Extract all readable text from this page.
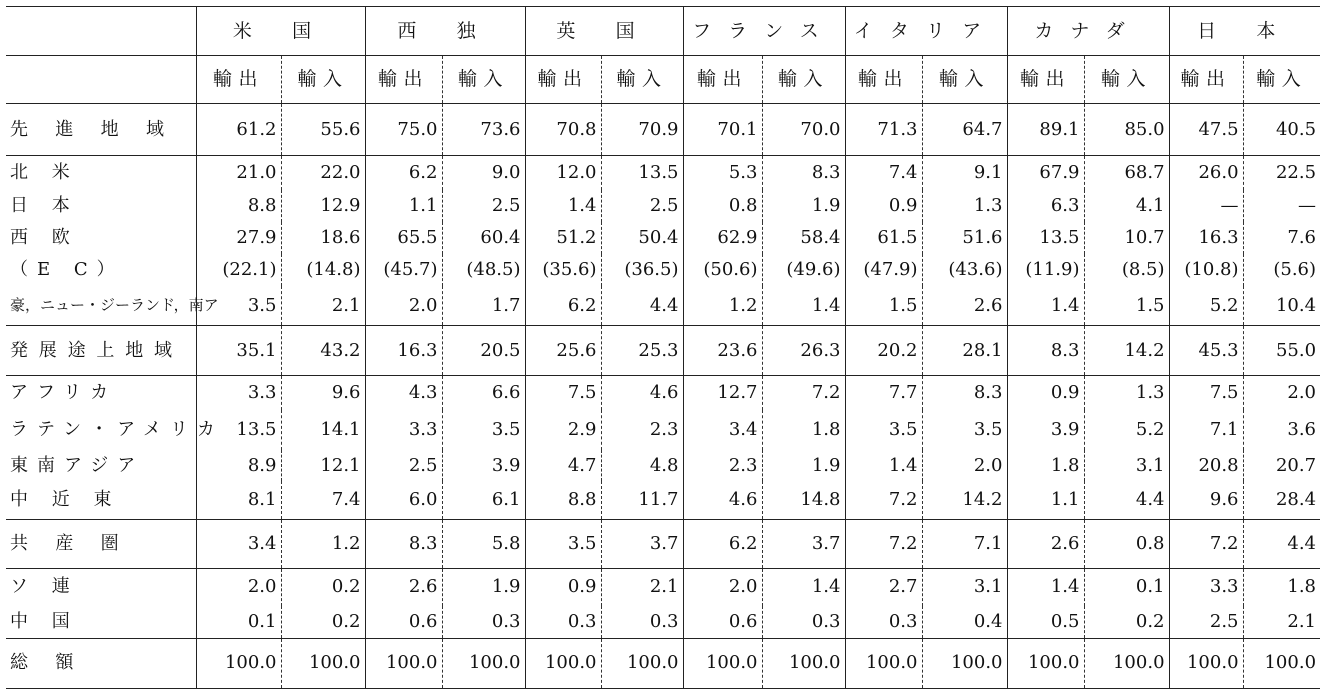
	米 国		西 独		英 国		フランス		イタリア		カナダ		日 本	
	輸出	輸入	輸出	輸入	輸出	輸入	輸出	輸入	輸出	輸入	輸出	輸入	輸出	輸入
先 進 地 域	61.2	55.6	75.0	73.6	70.8	70.9	70.1	70.0	71.3	64.7	89.1	85.0	47.5	40.5
北 米	21.0	22.0	6.2	9.0	12.0	13.5	5.3	8.3	7.4	9.1	67.9	68.7	26.0	22.5
日 本	8.8	12.9	1.1	2.5	1.4	2.5	0.8	1.9	0.9	1.3	6.3	4.1	—	—
西 欧	27.9	18.6	65.5	60.4	51.2	50.4	62.9	58.4	61.5	51.6	13.5	10.7	16.3	7.6
（E C）	(22.1)	(14.8)	(45.7)	(48.5)	(35.6)	(36.5)	(50.6)	(49.6)	(47.9)	(43.6)	(11.9)	(8.5)	(10.8)	(5.6)
豪，ニュー・ジーランド，南ア	3.5	2.1	2.0	1.7	6.2	4.4	1.2	1.4	1.5	2.6	1.4	1.5	5.2	10.4
発展途上地域	35.1	43.2	16.3	20.5	25.6	25.3	23.6	26.3	20.2	28.1	8.3	14.2	45.3	55.0
アフリカ	3.3	9.6	4.3	6.6	7.5	4.6	12.7	7.2	7.7	8.3	0.9	1.3	7.5	2.0
ラテン・アメリカ	13.5	14.1	3.3	3.5	2.9	2.3	3.4	1.8	3.5	3.5	3.9	5.2	7.1	3.6
東南アジア	8.9	12.1	2.5	3.9	4.7	4.8	2.3	1.9	1.4	2.0	1.8	3.1	20.8	20.7
中 近 東	8.1	7.4	6.0	6.1	8.8	11.7	4.6	14.8	7.2	14.2	1.1	4.4	9.6	28.4
共 産 圏	3.4	1.2	8.3	5.8	3.5	3.7	6.2	3.7	7.2	7.1	2.6	0.8	7.2	4.4
ソ 連	2.0	0.2	2.6	1.9	0.9	2.1	2.0	1.4	2.7	3.1	1.4	0.1	3.3	1.8
中 国	0.1	0.2	0.6	0.3	0.3	0.3	0.6	0.3	0.3	0.4	0.5	0.2	2.5	2.1
総 額	100.0	100.0	100.0	100.0	100.0	100.0	100.0	100.0	100.0	100.0	100.0	100.0	100.0	100.0
